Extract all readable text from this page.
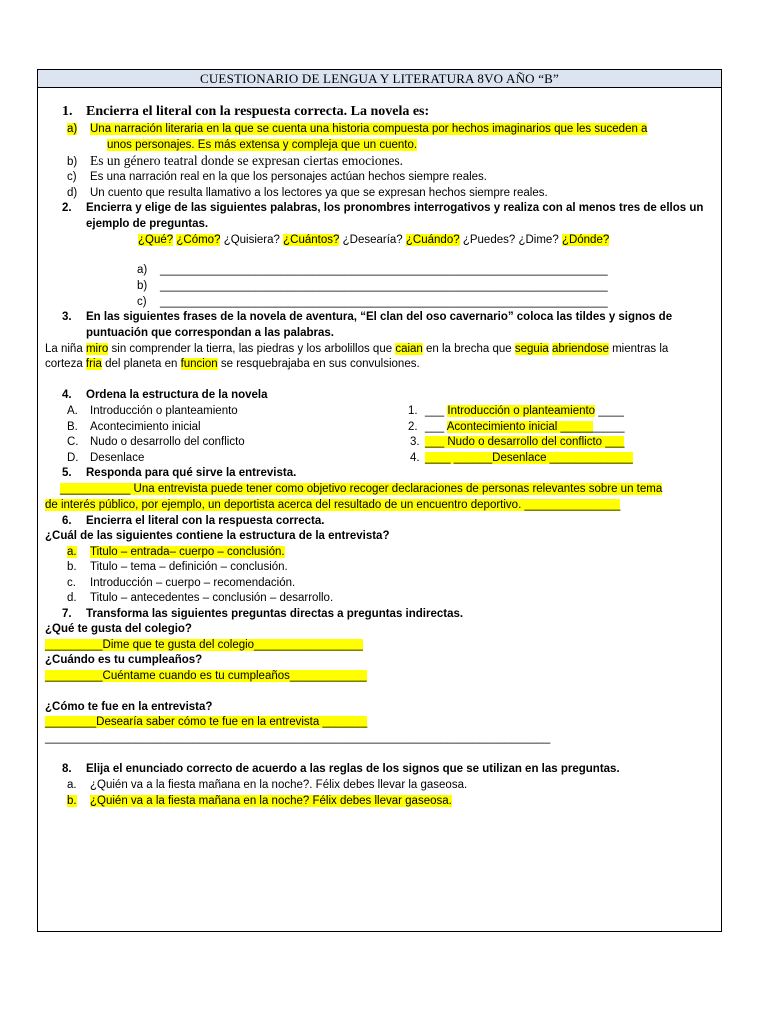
CUESTIONARIO DE LENGUA Y LITERATURA 8VO AÑO “B”
1. Encierra el literal con la respuesta correcta. La novela es:
a) Una narración literaria en la que se cuenta una historia compuesta por hechos imaginarios que les suceden a
unos personajes. Es más extensa y compleja que un cuento.
b) Es un género teatral donde se expresan ciertas emociones.
c) Es una narración real en la que los personajes actúan hechos siempre reales.
d) Un cuento que resulta llamativo a los lectores ya que se expresan hechos siempre reales.
2. Encierra y elige de las siguientes palabras, los pronombres interrogativos y realiza con al menos tres de ellos un
ejemplo de preguntas.
¿Qué? ¿Cómo? ¿Quisiera? ¿Cuántos? ¿Desearía? ¿Cuándo? ¿Puedes? ¿Dime? ¿Dónde?
a) ______________________________________________________________________
b) ______________________________________________________________________
c) ______________________________________________________________________
3. En las siguientes frases de la novela de aventura, “El clan del oso cavernario” coloca las tildes y signos de
puntuación que correspondan a las palabras.
La niña miro sin comprender la tierra, las piedras y los arbolillos que caian en la brecha que seguia abriendose mientras la
corteza fria del planeta en funcion se resquebrajaba en sus convulsiones.
4. Ordena la estructura de la novela
A. Introducción o planteamiento
B. Acontecimiento inicial
C. Nudo o desarrollo del conflicto
D. Desenlace
1. ___ Introducción o planteamiento ____
2. ___ Acontecimiento inicial __________
3. ___ Nudo o desarrollo del conflicto ___
4. ____ ______Desenlace _____________
5. Responda para qué sirve la entrevista.
___________ Una entrevista puede tener como objetivo recoger declaraciones de personas relevantes sobre un tema
de interés público, por ejemplo, un deportista acerca del resultado de un encuentro deportivo. _______________
6. Encierra el literal con la respuesta correcta.
¿Cuál de las siguientes contiene la estructura de la entrevista?
a. Titulo – entrada– cuerpo – conclusión.
b. Titulo – tema – definición – conclusión.
c. Introducción – cuerpo – recomendación.
d. Titulo – antecedentes – conclusión – desarrollo.
7. Transforma las siguientes preguntas directas a preguntas indirectas.
¿Qué te gusta del colegio?
_________Dime que te gusta del colegio_________________
¿Cuándo es tu cumpleaños?
_________Cuéntame cuando es tu cumpleaños____________
¿Cómo te fue en la entrevista?
________Desearía saber cómo te fue en la entrevista _______
_______________________________________________________________________________
8. Elija el enunciado correcto de acuerdo a las reglas de los signos que se utilizan en las preguntas.
a. ¿Quién va a la fiesta mañana en la noche?. Félix debes llevar la gaseosa.
b. ¿Quién va a la fiesta mañana en la noche? Félix debes llevar gaseosa.
